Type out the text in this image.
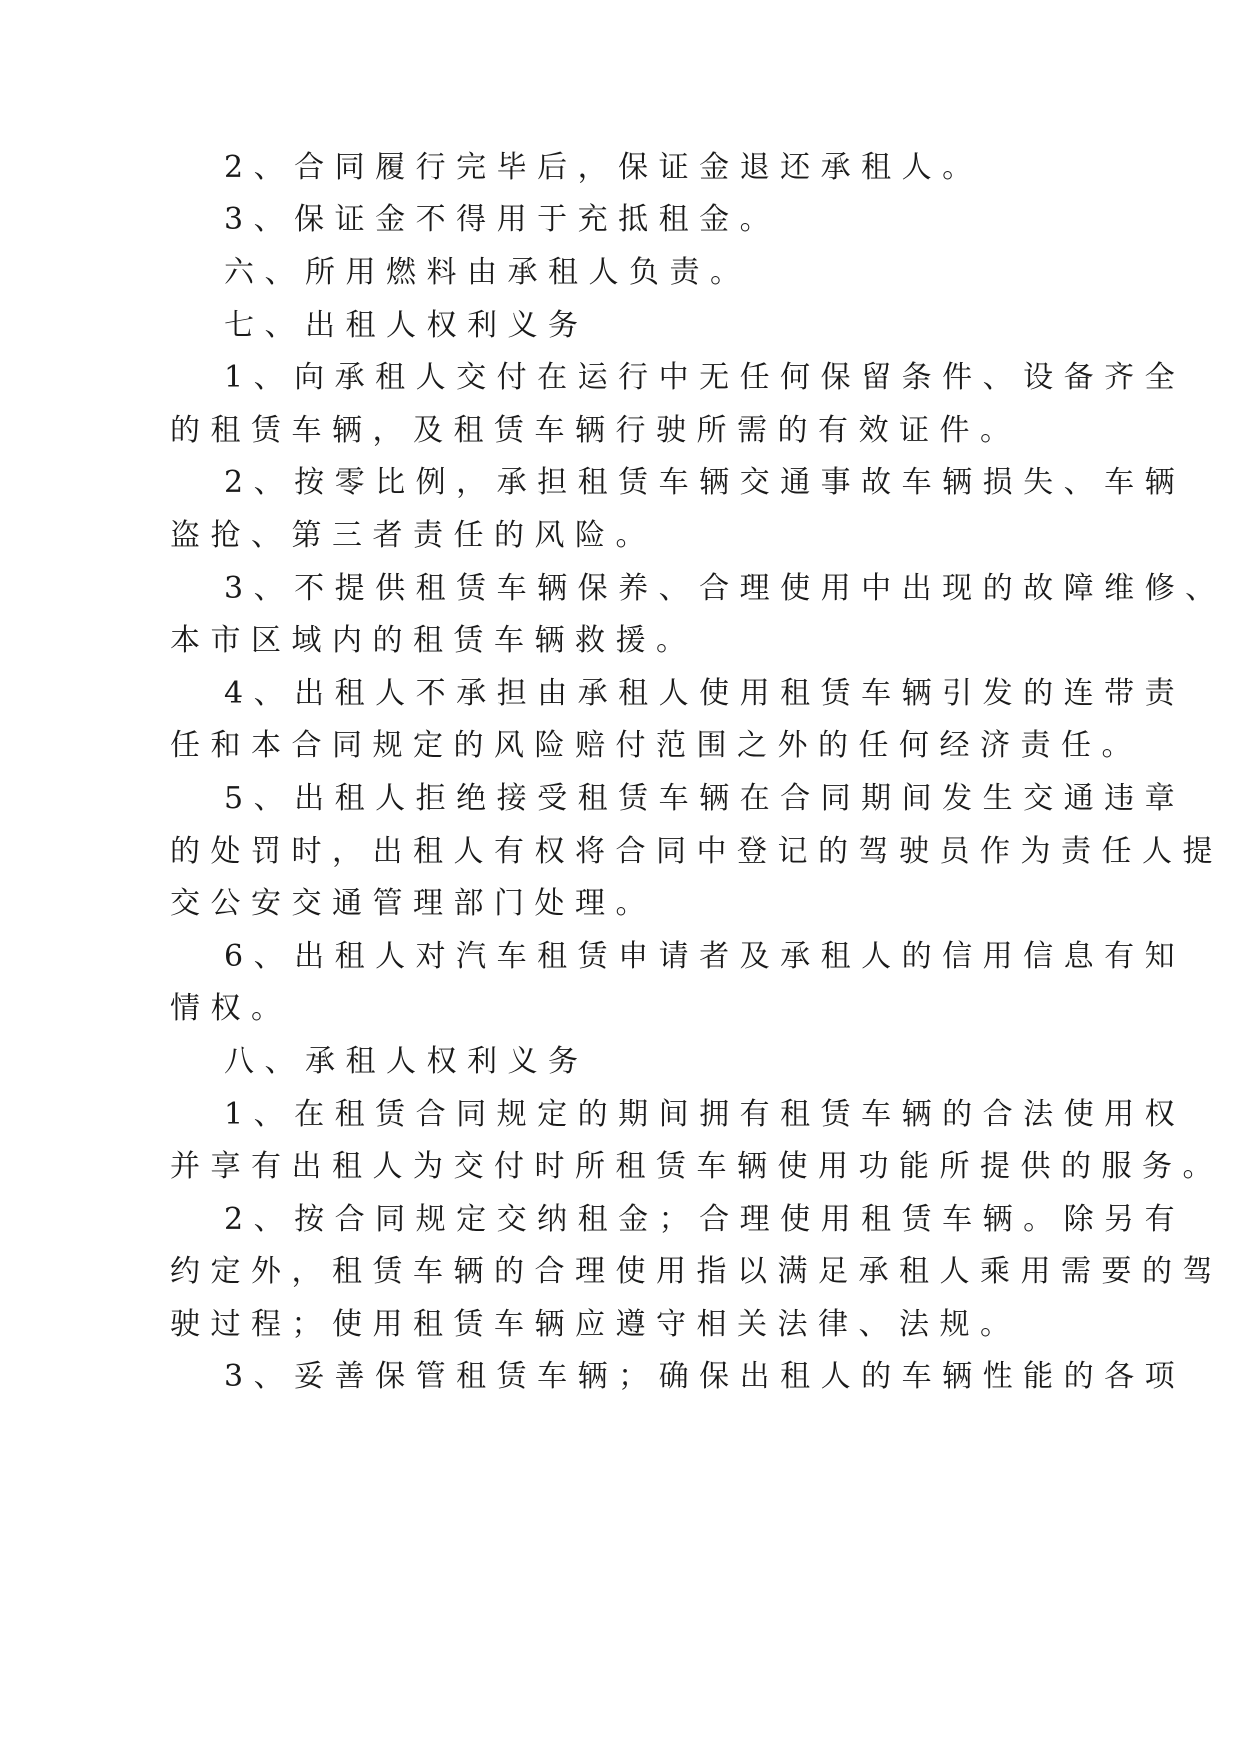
2、合同履行完毕后，保证金退还承租人。
3、保证金不得用于充抵租金。
六、所用燃料由承租人负责。
七、出租人权利义务
1、向承租人交付在运行中无任何保留条件、设备齐全
的租赁车辆，及租赁车辆行驶所需的有效证件。
2、按零比例，承担租赁车辆交通事故车辆损失、车辆
盗抢、第三者责任的风险。
3、不提供租赁车辆保养、合理使用中出现的故障维修、
本市区域内的租赁车辆救援。
4、出租人不承担由承租人使用租赁车辆引发的连带责
任和本合同规定的风险赔付范围之外的任何经济责任。
5、出租人拒绝接受租赁车辆在合同期间发生交通违章
的处罚时，出租人有权将合同中登记的驾驶员作为责任人提
交公安交通管理部门处理。
6、出租人对汽车租赁申请者及承租人的信用信息有知
情权。
八、承租人权利义务
1、在租赁合同规定的期间拥有租赁车辆的合法使用权
并享有出租人为交付时所租赁车辆使用功能所提供的服务。
2、按合同规定交纳租金；合理使用租赁车辆。除另有
约定外，租赁车辆的合理使用指以满足承租人乘用需要的驾
驶过程；使用租赁车辆应遵守相关法律、法规。
3、妥善保管租赁车辆；确保出租人的车辆性能的各项
